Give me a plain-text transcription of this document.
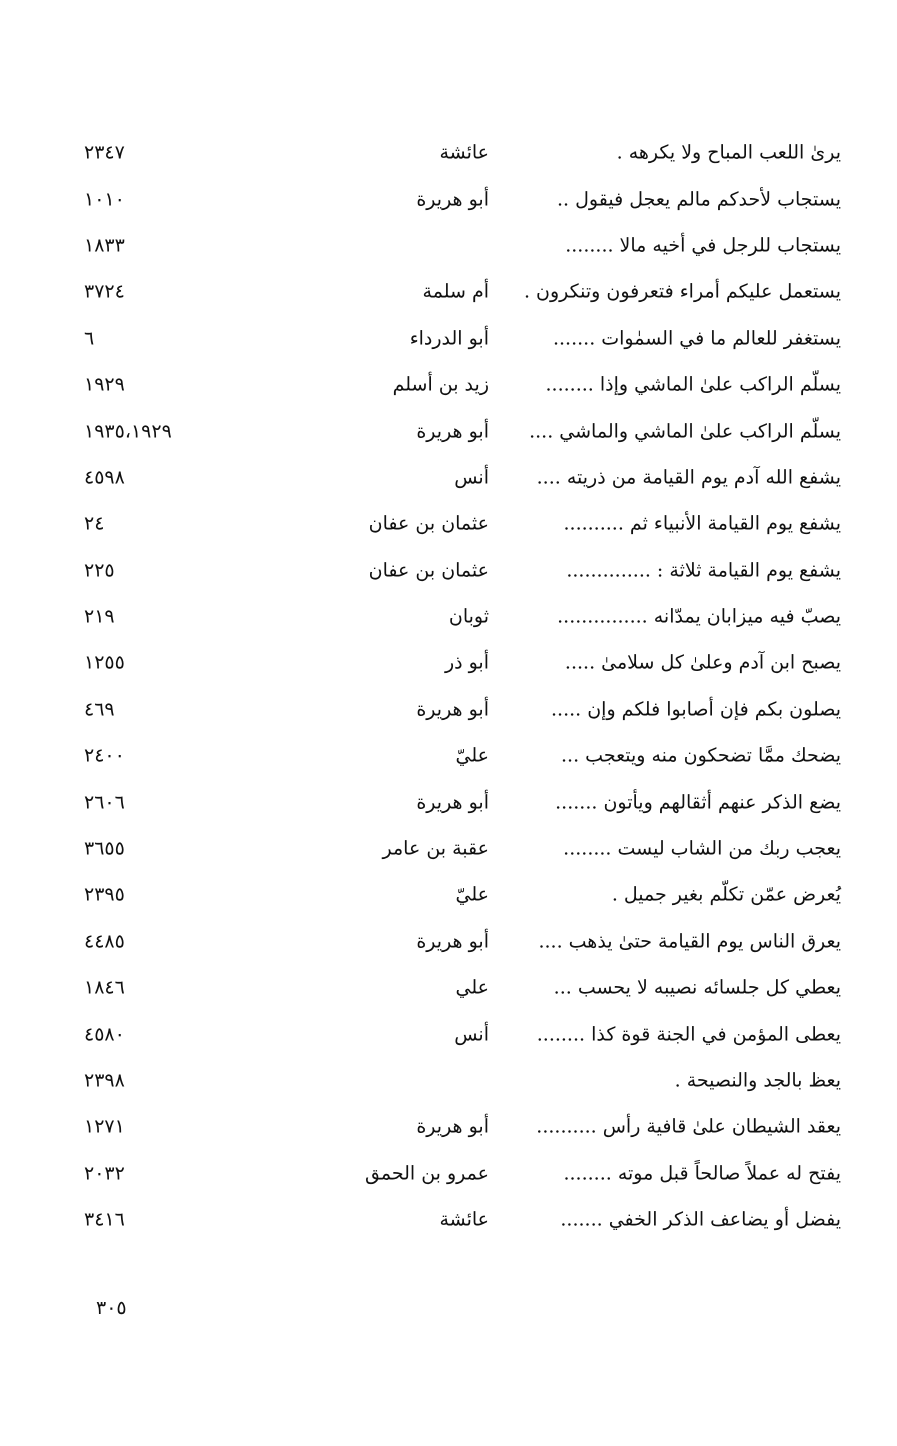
يرىٰ اللعب المباح ولا يكرهه .
عائشة
٢٣٤٧
يستجاب لأحدكم مالم يعجل فيقول ..
أبو هريرة
١٠١٠
يستجاب للرجل في أخيه مالا ........
١٨٣٣
يستعمل عليكم أمراء فتعرفون وتنكرون .
أم سلمة
٣٧٢٤
يستغفر للعالم ما في السمٰوات .......
أبو الدرداء
٦
يسلّم الراكب علىٰ الماشي وإذا ........
زيد بن أسلم
١٩٢٩
يسلّم الراكب علىٰ الماشي والماشي ....
أبو هريرة
١٩٣٥،١٩٢٩
يشفع الله آدم يوم القيامة من ذريته ....
أنس
٤٥٩٨
يشفع يوم القيامة الأنبياء ثم ..........
عثمان بن عفان
٢٤
يشفع يوم القيامة ثلاثة : ..............
عثمان بن عفان
٢٢٥
يصبّ فيه ميزابان يمدّانه ...............
ثوبان
٢١٩
يصبح ابن آدم وعلىٰ كل سلامىٰ .....
أبو ذر
١٢٥٥
يصلون بكم فإن أصابوا فلكم وإن .....
أبو هريرة
٤٦٩
يضحك ممَّا تضحكون منه ويتعجب ...
عليّ
٢٤٠٠
يضع الذكر عنهم أثقالهم ويأتون .......
أبو هريرة
٢٦٠٦
يعجب ربك من الشاب ليست ........
عقبة بن عامر
٣٦٥٥
يُعرض عمّن تكلّم بغير جميل .
عليّ
٢٣٩٥
يعرق الناس يوم القيامة حتىٰ يذهب ....
أبو هريرة
٤٤٨٥
يعطي كل جلسائه نصيبه لا يحسب ...
علي
١٨٤٦
يعطى المؤمن في الجنة قوة كذا ........
أنس
٤٥٨٠
يعظ بالجد والنصيحة .
٢٣٩٨
يعقد الشيطان علىٰ قافية رأس ..........
أبو هريرة
١٢٧١
يفتح له عملاً صالحاً قبل موته ........
عمرو بن الحمق
٢٠٣٢
يفضل أو يضاعف الذكر الخفي .......
عائشة
٣٤١٦
٣٠٥
